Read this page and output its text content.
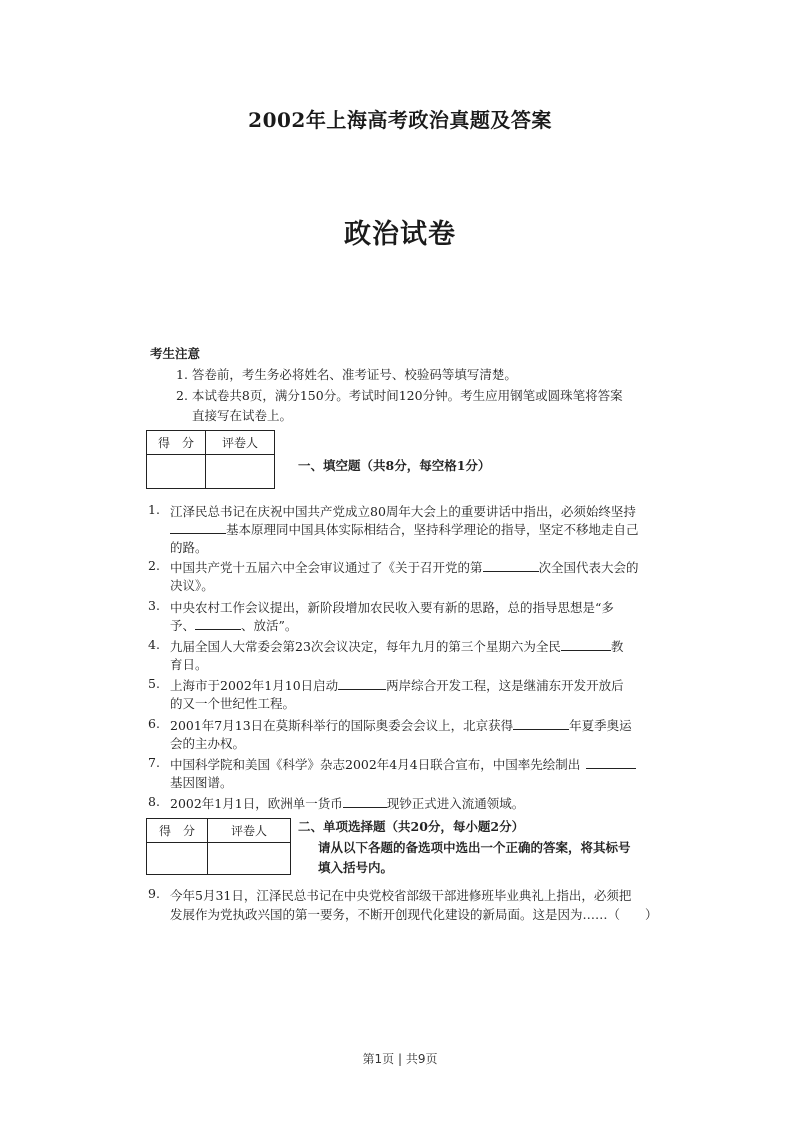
2002年上海高考政治真题及答案
政治试卷
考生注意
1. 答卷前，考生务必将姓名、准考证号、校验码等填写清楚。
2. 本试卷共8页，满分150分。考试时间120分钟。考生应用钢笔或圆珠笔将答案
直接写在试卷上。
得　分	评卷人

一、填空题（共8分，每空格1分）
1. 江泽民总书记在庆祝中国共产党成立80周年大会上的重要讲话中指出，必须始终坚持
基本原理同中国具体实际相结合，坚持科学理论的指导，坚定不移地走自己
的路。
2. 中国共产党十五届六中全会审议通过了《关于召开党的第	次全国代表大会的
决议》。
3. 中央农村工作会议提出，新阶段增加农民收入要有新的思路，总的指导思想是“多
予、	、放活”。
4. 九届全国人大常委会第23次会议决定，每年九月的第三个星期六为全民	教
育日。
5. 上海市于2002年1月10日启动	两岸综合开发工程，这是继浦东开发开放后
的又一个世纪性工程。
6. 2001年7月13日在莫斯科举行的国际奥委会会议上，北京获得	年夏季奥运
会的主办权。
7. 中国科学院和美国《科学》杂志2002年4月4日联合宣布，中国率先绘制出
基因图谱。
8. 2002年1月1日，欧洲单一货币	现钞正式进入流通领域。
得　分	评卷人
	二、单项选择题（共20分，每小题2分）
请从以下各题的备选项中选出一个正确的答案，将其标号
填入括号内。
9. 今年5月31日，江泽民总书记在中央党校省部级干部进修班毕业典礼上指出，必须把
发展作为党执政兴国的第一要务，不断开创现代化建设的新局面。这是因为……（　　）
第1页 | 共9页
